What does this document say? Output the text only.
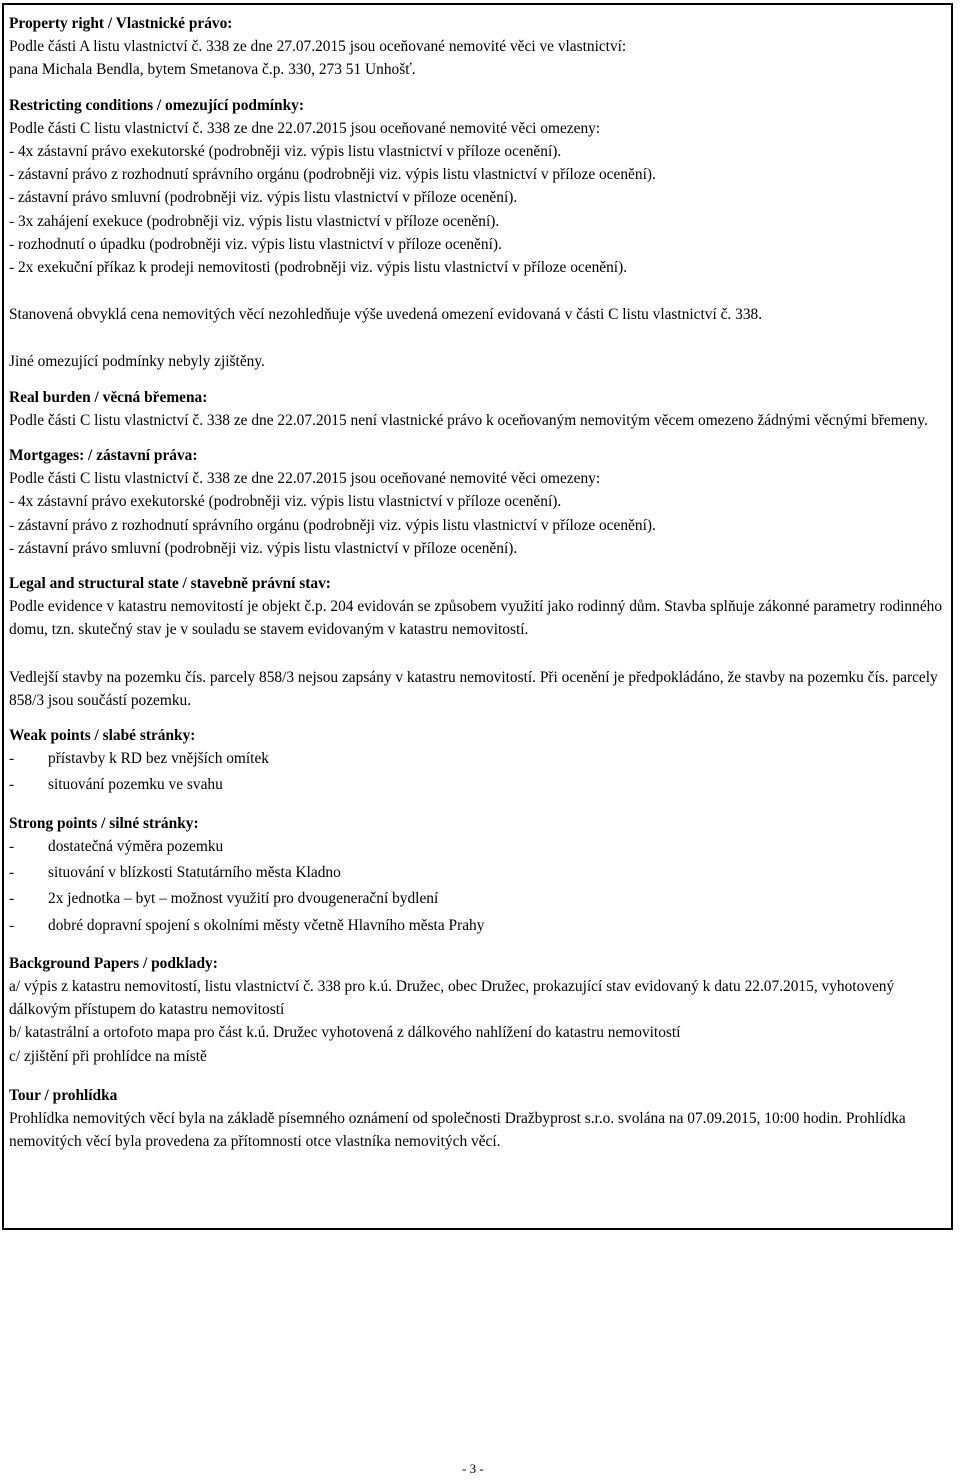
Property right / Vlastnické právo:
Podle části A listu vlastnictví č. 338 ze dne 27.07.2015 jsou oceňované nemovité věci ve vlastnictví:
pana Michala Bendla, bytem Smetanova č.p. 330, 273 51 Unhošť.
Restricting conditions / omezující podmínky:
Podle části C listu vlastnictví č. 338 ze dne 22.07.2015 jsou oceňované nemovité věci omezeny:
- 4x zástavní právo exekutorské (podrobněji viz. výpis listu vlastnictví v příloze ocenění).
- zástavní právo z rozhodnutí správního orgánu (podrobněji viz. výpis listu vlastnictví v příloze ocenění).
- zástavní právo smluvní (podrobněji viz. výpis listu vlastnictví v příloze ocenění).
- 3x zahájení exekuce (podrobněji viz. výpis listu vlastnictví v příloze ocenění).
- rozhodnutí o úpadku (podrobněji viz. výpis listu vlastnictví v příloze ocenění).
- 2x exekuční příkaz k prodeji nemovitosti (podrobněji viz. výpis listu vlastnictví v příloze ocenění).
Stanovená obvyklá cena nemovitých věcí nezohledňuje výše uvedená omezení evidovaná v části C listu vlastnictví č. 338.
Jiné omezující podmínky nebyly zjištěny.
Real burden / věcná břemena:
Podle části C listu vlastnictví č. 338 ze dne 22.07.2015 není vlastnické právo k oceňovaným nemovitým věcem omezeno žádnými věcnými břemeny.
Mortgages: / zástavní práva:
Podle části C listu vlastnictví č. 338 ze dne 22.07.2015 jsou oceňované nemovité věci omezeny:
- 4x zástavní právo exekutorské (podrobněji viz. výpis listu vlastnictví v příloze ocenění).
- zástavní právo z rozhodnutí správního orgánu (podrobněji viz. výpis listu vlastnictví v příloze ocenění).
- zástavní právo smluvní (podrobněji viz. výpis listu vlastnictví v příloze ocenění).
Legal and structural state / stavebně právní stav:
Podle evidence v katastru nemovitostí je objekt č.p. 204 evidován se způsobem využití jako rodinný dům. Stavba splňuje zákonné parametry rodinného domu, tzn. skutečný stav je v souladu se stavem evidovaným v katastru nemovitostí.
Vedlejší stavby na pozemku čís. parcely 858/3 nejsou zapsány v katastru nemovitostí. Při ocenění je předpokládáno, že stavby na pozemku čís. parcely 858/3 jsou součástí pozemku.
Weak points / slabé stránky:
-	přístavby k RD bez vnějších omítek
-	situování pozemku ve svahu
Strong points / silné stránky:
-	dostatečná výměra pozemku
-	situování v blízkosti Statutárního města Kladno
-	2x jednotka – byt – možnost využití pro dvougenerační bydlení
-	dobré dopravní spojení s okolními městy včetně Hlavního města Prahy
Background Papers / podklady:
a/ výpis z katastru nemovitostí, listu vlastnictví č. 338 pro k.ú. Družec, obec Družec, prokazující stav evidovaný k datu 22.07.2015, vyhotovený dálkovým přístupem do katastru nemovitostí
b/ katastrální a ortofoto mapa pro část k.ú. Družec vyhotovená z dálkového nahlížení do katastru nemovitostí
c/ zjištění při prohlídce na místě
Tour / prohlídka
Prohlídka nemovitých věcí byla na základě písemného oznámení od společnosti Dražbyprost s.r.o. svolána na 07.09.2015, 10:00 hodin. Prohlídka nemovitých věcí byla provedena za přítomnosti otce vlastníka nemovitých věcí.
- 3 -
